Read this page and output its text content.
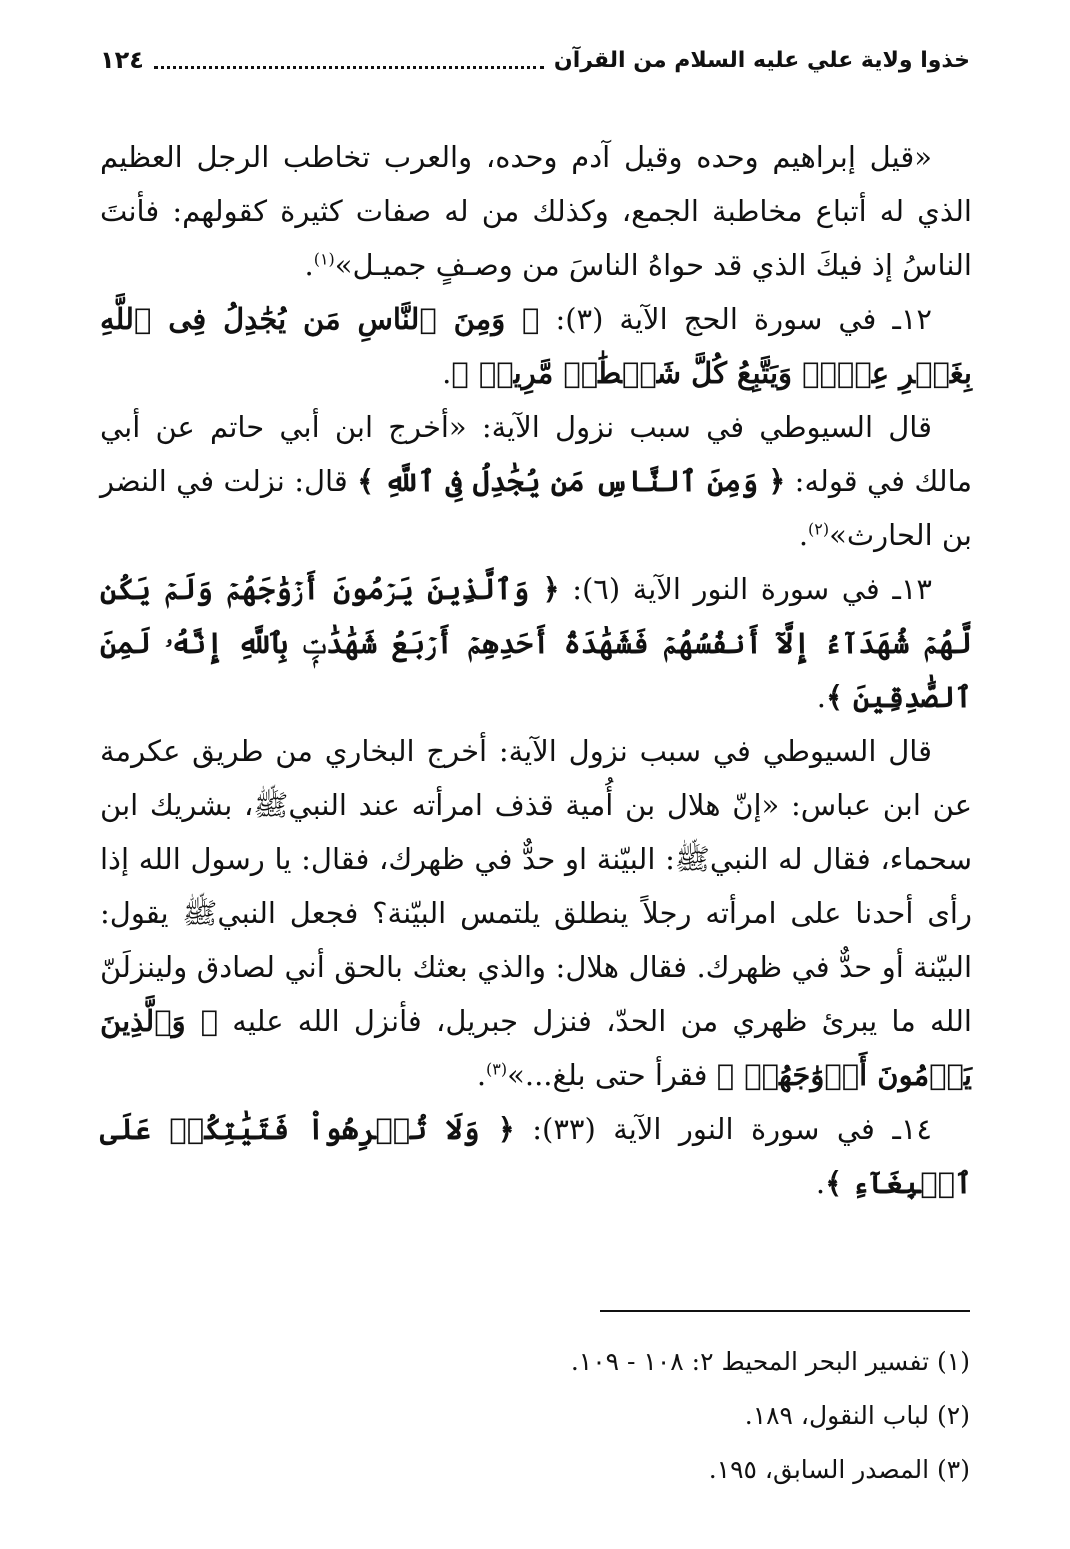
خذوا ولاية علي عليه السلام من القرآن
١٢٤

«قيل إبراهيم وحده وقيل آدم وحده، والعرب تخاطب الرجل العظيم الذي له أتباع مخاطبة الجمع، وكذلك من له صفات كثيرة كقولهم: فأنتَ الناسُ إذ فيكَ الذي قد حواهُ الناسَ من وصـفٍ جميـل»$^{(١)}$.

١٢ـ في سورة الحج الآية (٣): ﴿ وَمِنَ ٱلنَّاسِ مَن يُجَٰدِلُ فِى ٱللَّهِ بِغَيۡرِ عِلۡمٖ وَيَتَّبِعُ كُلَّ شَيۡطَٰنٖ مَّرِيدٖ ﴾.

قال السيوطي في سبب نزول الآية: «أخرج ابن أبي حاتم عن أبي مالك في قوله: ﴿ وَمِنَ ٱلنَّاسِ مَن يُجَٰدِلُ فِى ٱللَّهِ ﴾ قال: نزلت في النضر بن الحارث»$^{(٢)}$.

١٣ـ في سورة النور الآية (٦): ﴿ وَٱلَّذِينَ يَرۡمُونَ أَزۡوَٰجَهُمۡ وَلَمۡ يَكُن لَّهُمۡ شُهَدَآءُ إِلَّآ أَنفُسُهُمۡ فَشَهَٰدَةُ أَحَدِهِمۡ أَرۡبَعُ شَهَٰدَٰتِۭ بِٱللَّهِ إِنَّهُۥ لَمِنَ ٱلصَّٰدِقِينَ ﴾.

قال السيوطي في سبب نزول الآية: أخرج البخاري من طريق عكرمة عن ابن عباس: «إنّ هلال بن أُمية قذف امرأته عند النبيﷺ، بشريك ابن سحماء، فقال له النبيﷺ: البيّنة او حدٌّ في ظهرك، فقال: يا رسول الله إذا رأى أحدنا على امرأته رجلاً ينطلق يلتمس البيّنة؟ فجعل النبيﷺ يقول: البيّنة أو حدٌّ في ظهرك. فقال هلال: والذي بعثك بالحق أني لصادق ولينزلَنّ الله ما يبرئ ظهري من الحدّ، فنزل جبريل، فأنزل الله عليه ﴿ وَٱلَّذِينَ يَرۡمُونَ أَزۡوَٰجَهُمۡ ﴾ فقرأ حتى بلغ...»$^{(٣)}$.

١٤ـ في سورة النور الآية (٣٣): ﴿ وَلَا تُكۡرِهُواْ فَتَيَٰتِكُمۡ عَلَى ٱلۡبِغَآءِ ﴾.

(١) تفسير البحر المحيط ٢: ١٠٨ - ١٠٩.
(٢) لباب النقول، ١٨٩.
(٣) المصدر السابق، ١٩٥.
